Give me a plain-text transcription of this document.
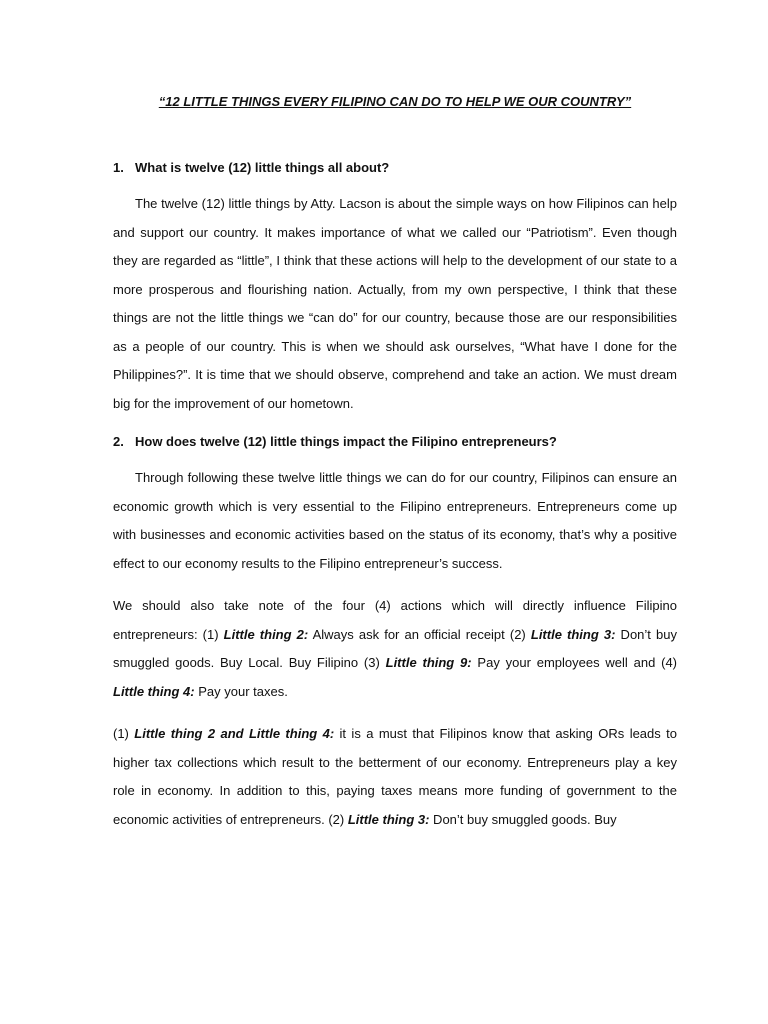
“12 LITTLE THINGS EVERY FILIPINO CAN DO TO HELP WE OUR COUNTRY”
1. What is twelve (12) little things all about?

The twelve (12) little things by Atty. Lacson is about the simple ways on how Filipinos can help and support our country. It makes importance of what we called our “Patriotism”. Even though they are regarded as “little”, I think that these actions will help to the development of our state to a more prosperous and flourishing nation. Actually, from my own perspective, I think that these things are not the little things we “can do” for our country, because those are our responsibilities as a people of our country. This is when we should ask ourselves, “What have I done for the Philippines?”. It is time that we should observe, comprehend and take an action. We must dream big for the improvement of our hometown.

2. How does twelve (12) little things impact the Filipino entrepreneurs?

Through following these twelve little things we can do for our country, Filipinos can ensure an economic growth which is very essential to the Filipino entrepreneurs. Entrepreneurs come up with businesses and economic activities based on the status of its economy, that’s why a positive effect to our economy results to the Filipino entrepreneur’s success.

We should also take note of the four (4) actions which will directly influence Filipino entrepreneurs: (1) Little thing 2: Always ask for an official receipt (2) Little thing 3: Don’t buy smuggled goods. Buy Local. Buy Filipino (3) Little thing 9: Pay your employees well and (4) Little thing 4: Pay your taxes.

(1) Little thing 2 and Little thing 4: it is a must that Filipinos know that asking ORs leads to higher tax collections which result to the betterment of our economy. Entrepreneurs play a key role in economy. In addition to this, paying taxes means more funding of government to the economic activities of entrepreneurs. (2) Little thing 3: Don’t buy smuggled goods. Buy
